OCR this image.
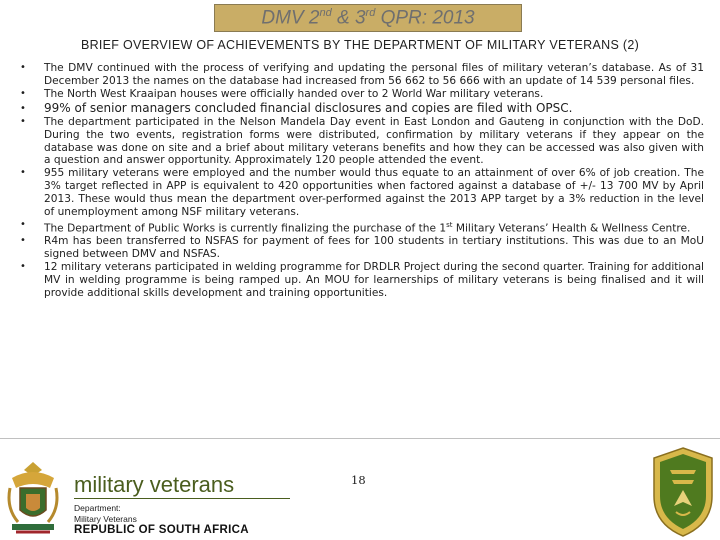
DMV 2nd & 3rd QPR: 2013
BRIEF OVERVIEW OF ACHIEVEMENTS BY THE DEPARTMENT OF MILITARY VETERANS (2)
• The DMV continued with the process of verifying and updating the personal files of military veteran’s database. As of 31 December 2013 the names on the database had increased from 56 662 to 56 666 with an update of 14 539 personal files.
• The North West Kraaipan houses were officially handed over to 2 World War military veterans.
• 99% of senior managers concluded financial disclosures and copies are filed with OPSC.
• The department participated in the Nelson Mandela Day event in East London and Gauteng in conjunction with the DoD. During the two events, registration forms were distributed, confirmation by military veterans if they appear on the database was done on site and a brief about military veterans benefits and how they can be accessed was also given with a question and answer opportunity. Approximately 120 people attended the event.
• 955 military veterans were employed and the number would thus equate to an attainment of over 6% of job creation. The 3% target reflected in APP is equivalent to 420 opportunities when factored against a database of +/- 13 700 MV by April 2013. These would thus mean the department over-performed against the 2013 APP target by a 3% reduction in the level of unemployment among NSF military veterans.
• The Department of Public Works is currently finalizing the purchase of the 1st Military Veterans’ Health & Wellness Centre.
• R4m has been transferred to NSFAS for payment of fees for 100 students in tertiary institutions. This was due to an MoU signed between DMV and NSFAS.
• 12 military veterans participated in welding programme for DRDLR Project during the second quarter. Training for additional MV in welding programme is being ramped up. An MOU for learnerships of military veterans is being finalised and it will provide additional skills development and training opportunities.
military veterans
Department:
Military Veterans
REPUBLIC OF SOUTH AFRICA
18
